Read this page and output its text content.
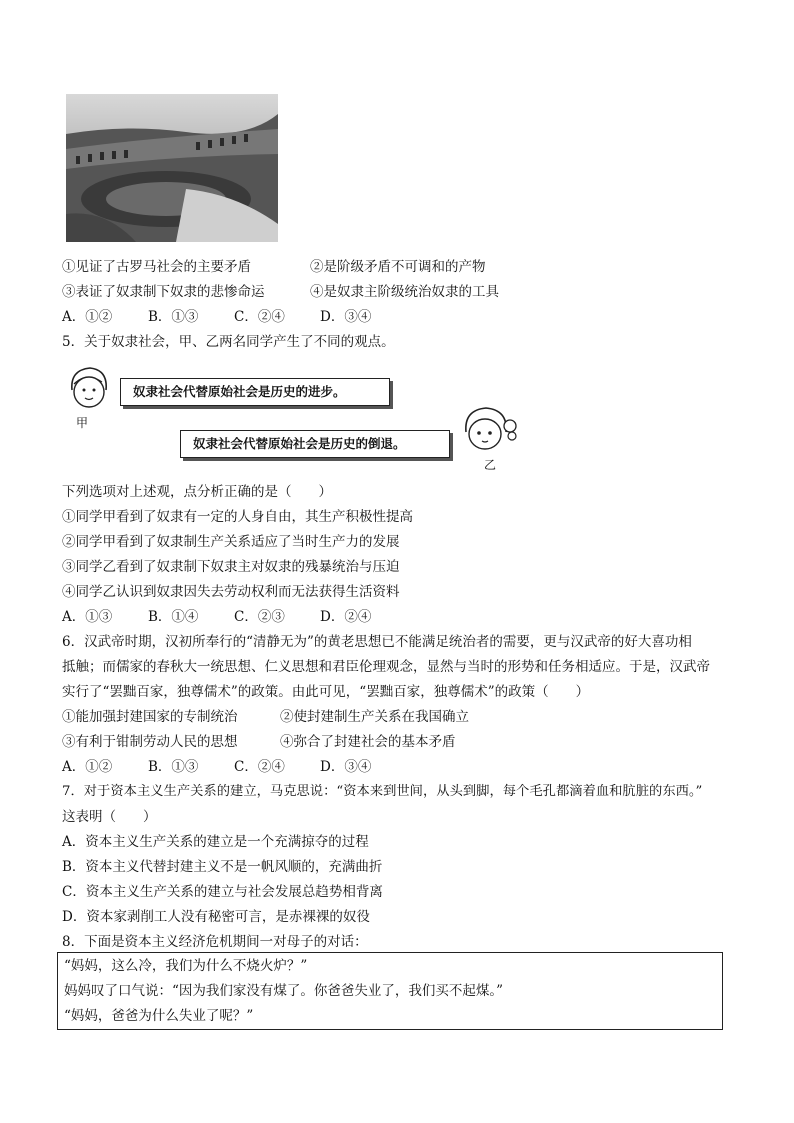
①见证了古罗马社会的主要矛盾	②是阶级矛盾不可调和的产物
③表证了奴隶制下奴隶的悲惨命运	④是奴隶主阶级统治奴隶的工具
A．①②	B．①③	C．②④	D．③④
5．关于奴隶社会，甲、乙两名同学产生了不同的观点。
甲
奴隶社会代替原始社会是历史的进步。
奴隶社会代替原始社会是历史的倒退。
乙
下列选项对上述观，点分析正确的是（　　）
①同学甲看到了奴隶有一定的人身自由，其生产积极性提高
②同学甲看到了奴隶制生产关系适应了当时生产力的发展
③同学乙看到了奴隶制下奴隶主对奴隶的残暴统治与压迫
④同学乙认识到奴隶因失去劳动权利而无法获得生活资料
A．①③	B．①④	C．②③	D．②④
6．汉武帝时期，汉初所奉行的“清静无为”的黄老思想已不能满足统治者的需要，更与汉武帝的好大喜功相
抵触；而儒家的春秋大一统思想、仁义思想和君臣伦理观念，显然与当时的形势和任务相适应。于是，汉武帝
实行了“罢黜百家，独尊儒术”的政策。由此可见，“罢黜百家，独尊儒术”的政策（　　）
①能加强封建国家的专制统治	②使封建制生产关系在我国确立
③有利于钳制劳动人民的思想	④弥合了封建社会的基本矛盾
A．①②	B．①③	C．②④	D．③④
7．对于资本主义生产关系的建立，马克思说：“资本来到世间，从头到脚，每个毛孔都滴着血和肮脏的东西。”
这表明（　　）
A．资本主义生产关系的建立是一个充满掠夺的过程
B．资本主义代替封建主义不是一帆风顺的，充满曲折
C．资本主义生产关系的建立与社会发展总趋势相背离
D．资本家剥削工人没有秘密可言，是赤裸裸的奴役
8．下面是资本主义经济危机期间一对母子的对话：
“妈妈，这么冷，我们为什么不烧火炉？”
妈妈叹了口气说：“因为我们家没有煤了。你爸爸失业了，我们买不起煤。”
“妈妈，爸爸为什么失业了呢？”
